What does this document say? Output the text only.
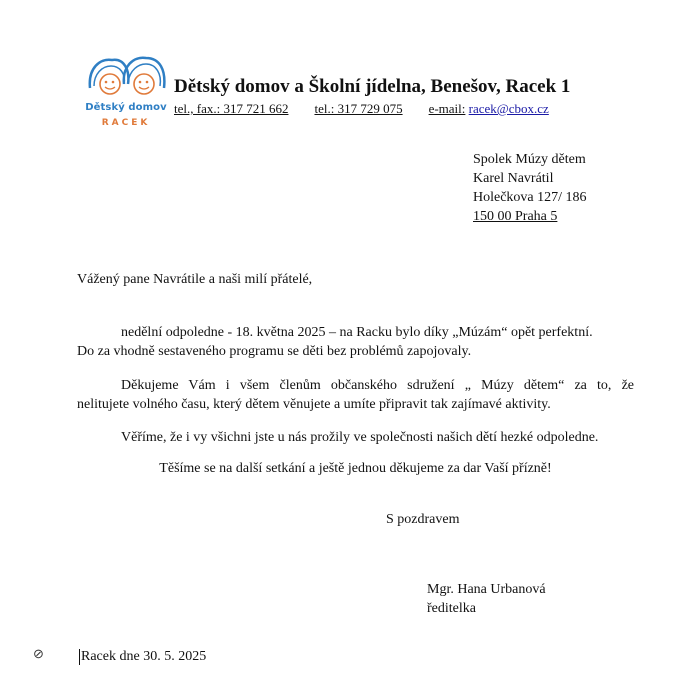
Dětský domov
RACEK
Dětský domov a Školní jídelna, Benešov, Racek 1
tel., fax.: 317 721 662 tel.: 317 729 075 e-mail: racek@cbox.cz
Spolek Múzy dětem
Karel Navrátil
Holečkova 127/ 186
150 00 Praha 5
Vážený pane Navrátile a naši milí přátelé,
nedělní odpoledne - 18. května 2025 – na Racku bylo díky „Múzám“ opět perfektní.
Do za vhodně sestaveného programu se děti bez problémů zapojovaly.
Děkujeme Vám i všem členům občanského sdružení „ Múzy dětem“ za to, že
nelitujete volného času, který dětem věnujete a umíte připravit tak zajímavé aktivity.
Věříme, že i vy všichni jste u nás prožily ve společnosti našich dětí hezké odpoledne.
Těšíme se na další setkání a ještě jednou děkujeme za dar Vaší přízně!
S pozdravem
Mgr. Hana Urbanová
ředitelka
⊘	Racek dne 30. 5. 2025
